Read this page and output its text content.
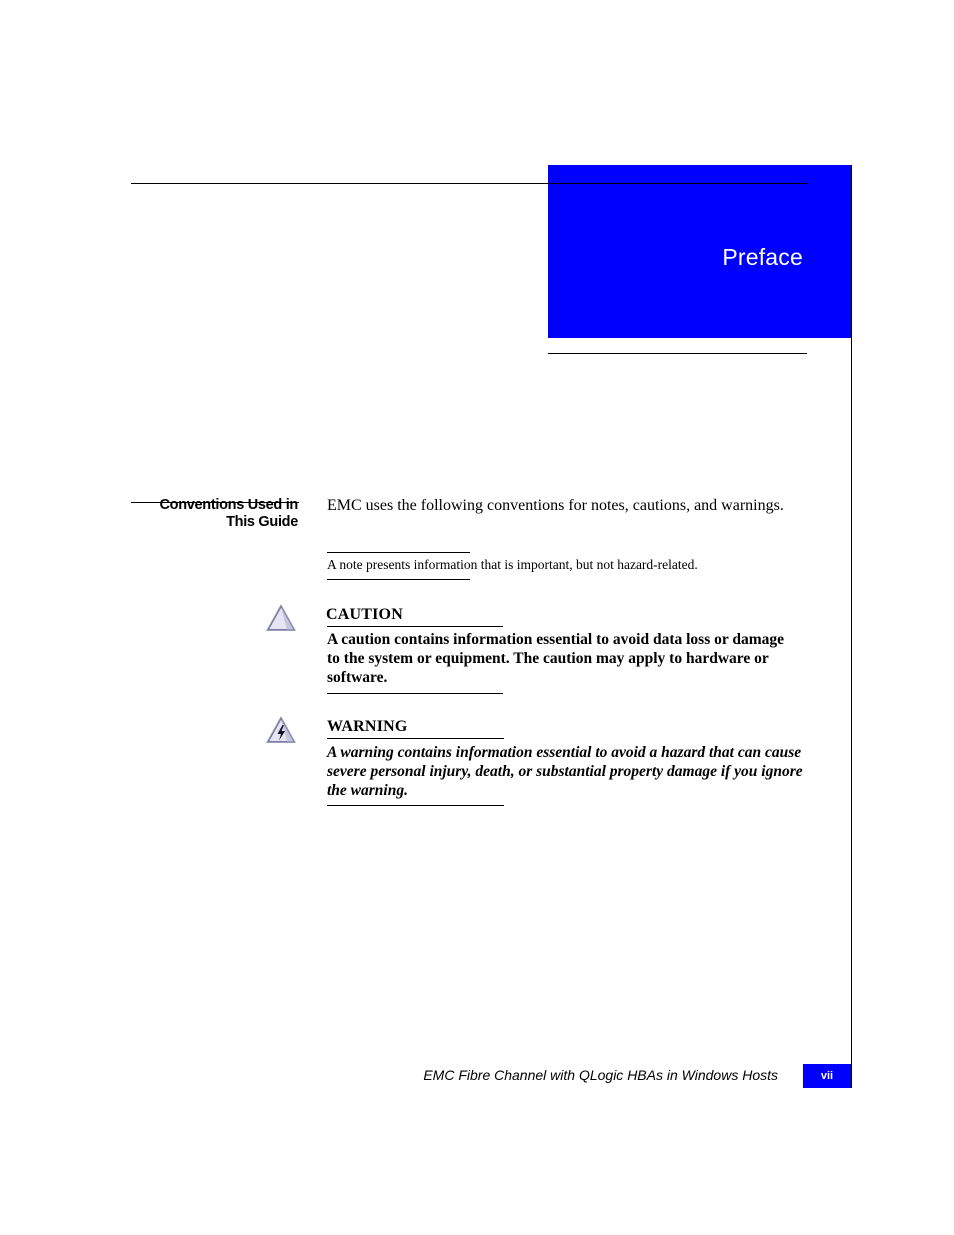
Preface
Conventions Used in
This Guide
EMC uses the following conventions for notes, cautions, and warnings.
A note presents information that is important, but not hazard-related.
CAUTION
A caution contains information essential to avoid data loss or damage to the system or equipment. The caution may apply to hardware or software.
WARNING
A warning contains information essential to avoid a hazard that can cause severe personal injury, death, or substantial property damage if you ignore the warning.
EMC Fibre Channel with QLogic HBAs in Windows Hosts	vii
